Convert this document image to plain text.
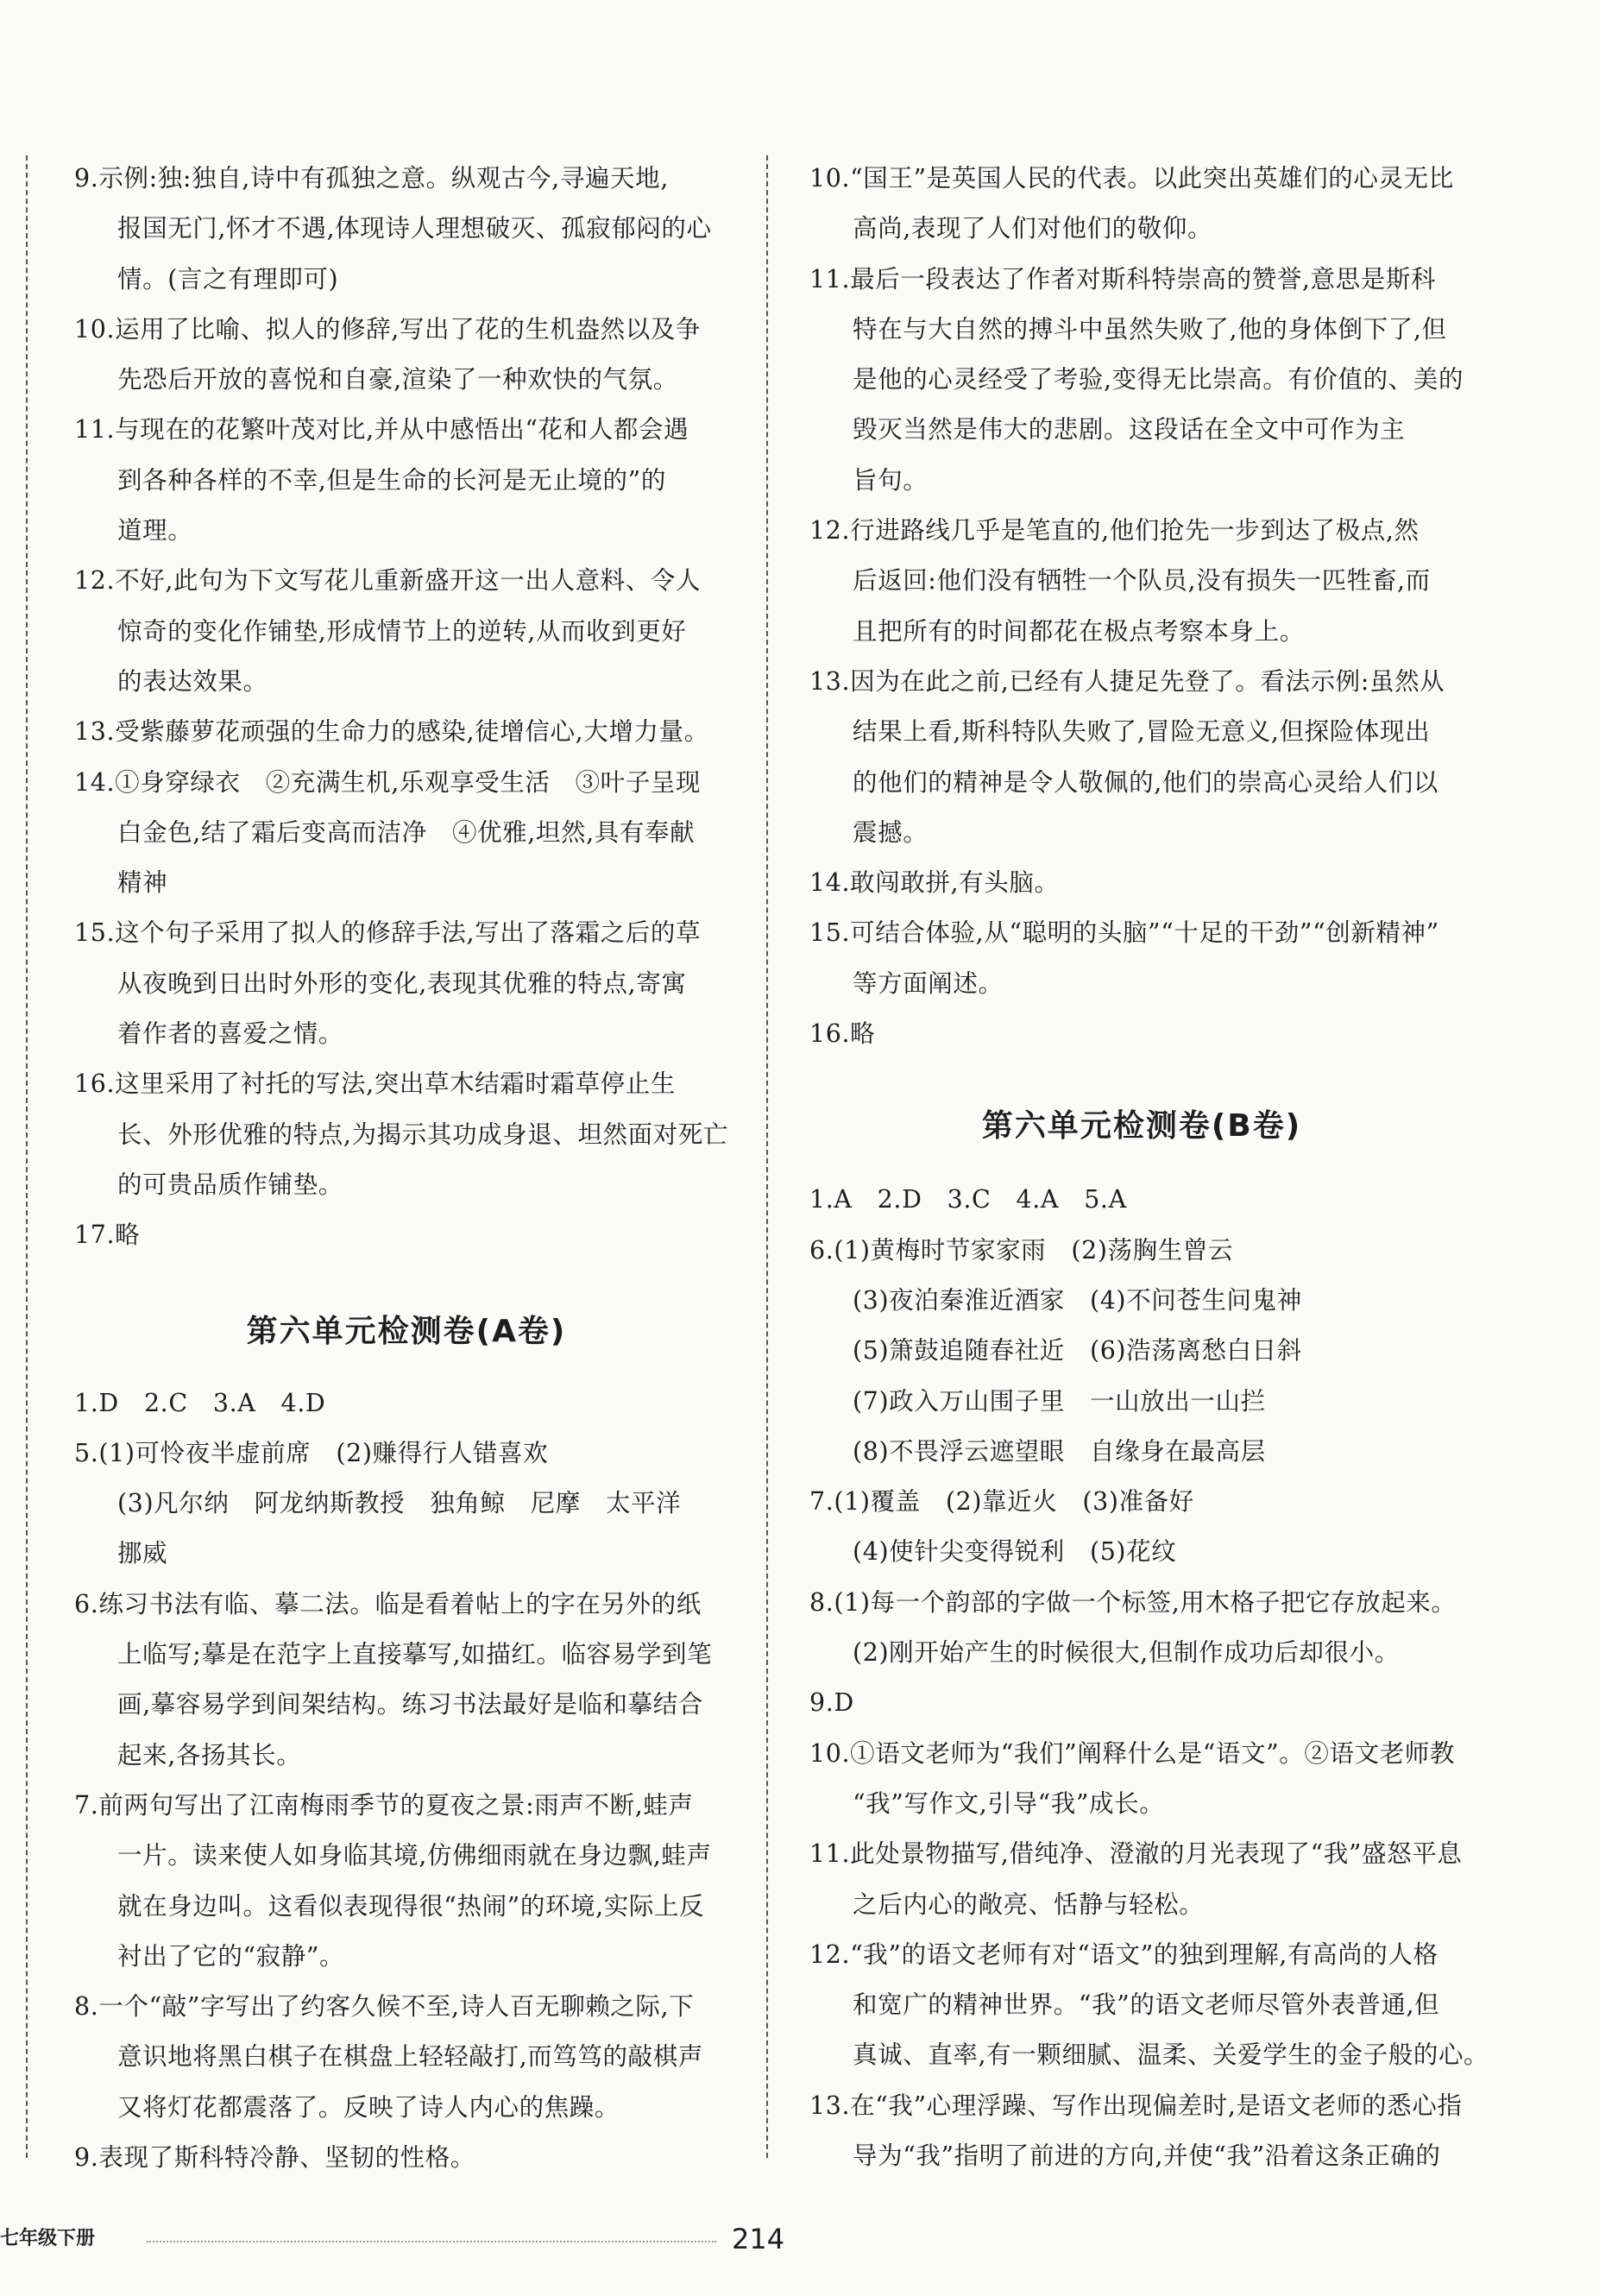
9.示例:独:独自,诗中有孤独之意。纵观古今,寻遍天地,
报国无门,怀才不遇,体现诗人理想破灭、孤寂郁闷的心
情。(言之有理即可)
10.运用了比喻、拟人的修辞,写出了花的生机盎然以及争
先恐后开放的喜悦和自豪,渲染了一种欢快的气氛。
11.与现在的花繁叶茂对比,并从中感悟出“花和人都会遇
到各种各样的不幸,但是生命的长河是无止境的”的
道理。
12.不好,此句为下文写花儿重新盛开这一出人意料、令人
惊奇的变化作铺垫,形成情节上的逆转,从而收到更好
的表达效果。
13.受紫藤萝花顽强的生命力的感染,徒增信心,大增力量。
14.①身穿绿衣　②充满生机,乐观享受生活　③叶子呈现
白金色,结了霜后变高而洁净　④优雅,坦然,具有奉献
精神
15.这个句子采用了拟人的修辞手法,写出了落霜之后的草
从夜晚到日出时外形的变化,表现其优雅的特点,寄寓
着作者的喜爱之情。
16.这里采用了衬托的写法,突出草木结霜时霜草停止生
长、外形优雅的特点,为揭示其功成身退、坦然面对死亡
的可贵品质作铺垫。
17.略
第六单元检测卷(A卷)
1.D　2.C　3.A　4.D
5.(1)可怜夜半虚前席　(2)赚得行人错喜欢
(3)凡尔纳　阿龙纳斯教授　独角鲸　尼摩　太平洋
挪威
6.练习书法有临、摹二法。临是看着帖上的字在另外的纸
上临写;摹是在范字上直接摹写,如描红。临容易学到笔
画,摹容易学到间架结构。练习书法最好是临和摹结合
起来,各扬其长。
7.前两句写出了江南梅雨季节的夏夜之景:雨声不断,蛙声
一片。读来使人如身临其境,仿佛细雨就在身边飘,蛙声
就在身边叫。这看似表现得很“热闹”的环境,实际上反
衬出了它的“寂静”。
8.一个“敲”字写出了约客久候不至,诗人百无聊赖之际,下
意识地将黑白棋子在棋盘上轻轻敲打,而笃笃的敲棋声
又将灯花都震落了。反映了诗人内心的焦躁。
9.表现了斯科特冷静、坚韧的性格。
10.“国王”是英国人民的代表。以此突出英雄们的心灵无比
高尚,表现了人们对他们的敬仰。
11.最后一段表达了作者对斯科特崇高的赞誉,意思是斯科
特在与大自然的搏斗中虽然失败了,他的身体倒下了,但
是他的心灵经受了考验,变得无比崇高。有价值的、美的
毁灭当然是伟大的悲剧。这段话在全文中可作为主
旨句。
12.行进路线几乎是笔直的,他们抢先一步到达了极点,然
后返回:他们没有牺牲一个队员,没有损失一匹牲畜,而
且把所有的时间都花在极点考察本身上。
13.因为在此之前,已经有人捷足先登了。看法示例:虽然从
结果上看,斯科特队失败了,冒险无意义,但探险体现出
的他们的精神是令人敬佩的,他们的崇高心灵给人们以
震撼。
14.敢闯敢拼,有头脑。
15.可结合体验,从“聪明的头脑”“十足的干劲”“创新精神”
等方面阐述。
16.略
第六单元检测卷(B卷)
1.A　2.D　3.C　4.A　5.A
6.(1)黄梅时节家家雨　(2)荡胸生曾云
(3)夜泊秦淮近酒家　(4)不问苍生问鬼神
(5)箫鼓追随春社近　(6)浩荡离愁白日斜
(7)政入万山围子里　一山放出一山拦
(8)不畏浮云遮望眼　自缘身在最高层
7.(1)覆盖　(2)靠近火　(3)准备好
(4)使针尖变得锐利　(5)花纹
8.(1)每一个韵部的字做一个标签,用木格子把它存放起来。
(2)刚开始产生的时候很大,但制作成功后却很小。
9.D
10.①语文老师为“我们”阐释什么是“语文”。②语文老师教
“我”写作文,引导“我”成长。
11.此处景物描写,借纯净、澄澈的月光表现了“我”盛怒平息
之后内心的敞亮、恬静与轻松。
12.“我”的语文老师有对“语文”的独到理解,有高尚的人格
和宽广的精神世界。“我”的语文老师尽管外表普通,但
真诚、直率,有一颗细腻、温柔、关爱学生的金子般的心。
13.在“我”心理浮躁、写作出现偏差时,是语文老师的悉心指
导为“我”指明了前进的方向,并使“我”沿着这条正确的
七年级下册	214
